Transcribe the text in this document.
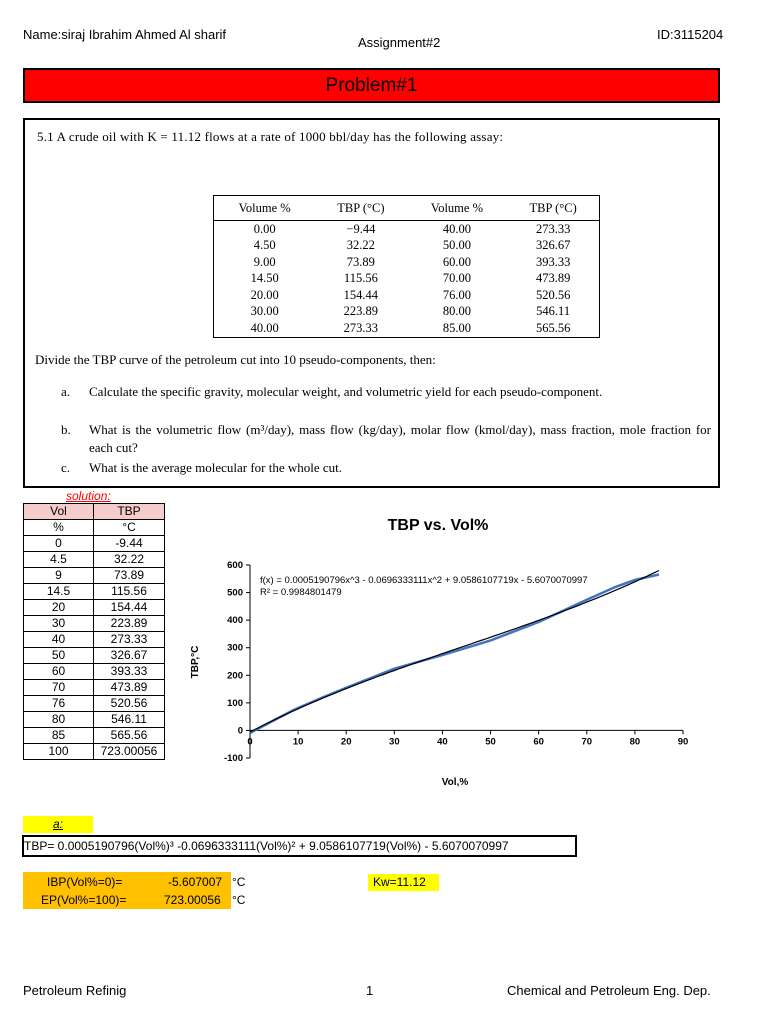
Name:siraj Ibrahim Ahmed Al sharif
Assignment#2
ID:3115204
Problem#1
5.1 A crude oil with K = 11.12 flows at a rate of 1000 bbl/day has the following assay:
Volume %	TBP (°C)	Volume %	TBP (°C)
0.00	−9.44	40.00	273.33
4.50	32.22	50.00	326.67
9.00	73.89	60.00	393.33
14.50	115.56	70.00	473.89
20.00	154.44	76.00	520.56
30.00	223.89	80.00	546.11
40.00	273.33	85.00	565.56
Divide the TBP curve of the petroleum cut into 10 pseudo-components, then:
a. Calculate the specific gravity, molecular weight, and volumetric yield for each pseudo-component.
b. What is the volumetric flow (m³/day), mass flow (kg/day), molar flow (kmol/day), mass fraction, mole fraction for each cut?
c. What is the average molecular for the whole cut.
solution:
Vol	TBP
%	°C
0	-9.44
4.5	32.22
9	73.89
14.5	115.56
20	154.44
30	223.89
40	273.33
50	326.67
60	393.33
70	473.89
76	520.56
80	546.11
85	565.56
100	723.00056
TBP vs. Vol%
0	10	20	30	40	50	60	70	80	90
-100
0
100
200
300
400
500
600
Vol,%
TBP,°C
f(x) = 0.0005190796x^3 - 0.0696333111x^2 + 9.0586107719x - 5.6070070997
R² = 0.9984801479
a:
TBP= 0.0005190796(Vol%)³ -0.0696333111(Vol%)² + 9.0586107719(Vol%) - 5.6070070997
IBP(Vol%=0)=	-5.607007
EP(Vol%=100)=	723.00056
°C
°C
Kw=11.12
Petroleum Refinig	1	Chemical and Petroleum Eng. Dep.
